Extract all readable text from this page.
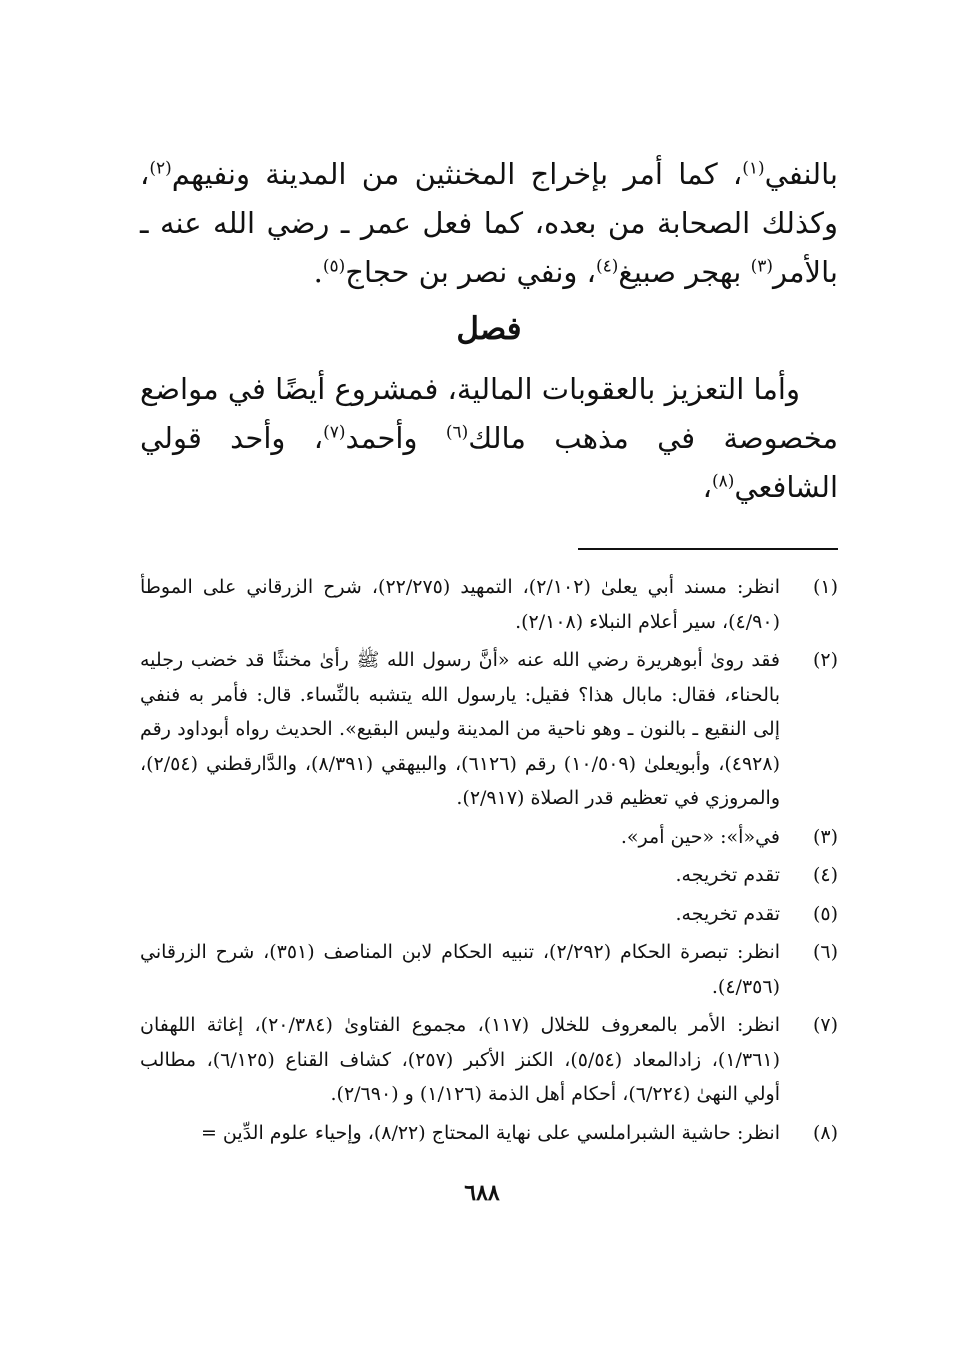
بالنفي$^{(١)}$، كما أمر بإخراج المخنثين من المدينة ونفيهم$^{(٢)}$، وكذلك الصحابة من بعده، كما فعل عمر ـ رضي الله عنه ـ بالأمر$^{(٣)}$ بهجر صبيغ$^{(٤)}$، ونفي نصر بن حجاج$^{(٥)}$.

فصل

وأما التعزيز بالعقوبات المالية، فمشروع أيضًا في مواضع مخصوصة في مذهب مالك$^{(٦)}$ وأحمد$^{(٧)}$، وأحد قولي الشافعي$^{(٨)}$،

(١)
انظر: مسند أبي يعلىٰ (٢/١٠٢)، التمهيد (٢٢/٢٧٥)، شرح الزرقاني على الموطأ (٤/٩٠)، سير أعلام النبلاء (٢/١٠٨).
(٢)
فقد روىٰ أبوهريرة رضي الله عنه «أنَّ رسول الله ﷺ رأىٰ مخنثًا قد خضب رجليه بالحناء، فقال: مابال هذا؟ فقيل: يارسول الله يتشبه بالنِّساء. قال: فأمر به فنفي إلى النقيع ـ بالنون ـ وهو ناحية من المدينة وليس البقيع». الحديث رواه أبوداود رقم (٤٩٢٨)، وأبويعلىٰ (١٠/٥٠٩) رقم (٦١٢٦)، والبيهقي (٨/٣٩١)، والدَّارقطني (٢/٥٤)، والمروزي في تعظيم قدر الصلاة (٢/٩١٧).
(٣)
في«أ»: «حين أمر».
(٤)
تقدم تخريجه.
(٥)
تقدم تخريجه.
(٦)
انظر: تبصرة الحكام (٢/٢٩٢)، تنبيه الحكام لابن المناصف (٣٥١)، شرح الزرقاني (٤/٣٥٦).
(٧)
انظر: الأمر بالمعروف للخلال (١١٧)، مجموع الفتاوىٰ (٢٠/٣٨٤)، إغاثة اللهفان (١/٣٦١)، زادالمعاد (٥/٥٤)، الكنز الأكبر (٢٥٧)، كشاف القناع (٦/١٢٥)، مطالب أولي النهىٰ (٦/٢٢٤)، أحكام أهل الذمة (١/١٢٦) و (٢/٦٩٠).
(٨)
انظر: حاشية الشبراملسي على نهاية المحتاج (٨/٢٢)، وإحياء علوم الدِّين =
٦٨٨
